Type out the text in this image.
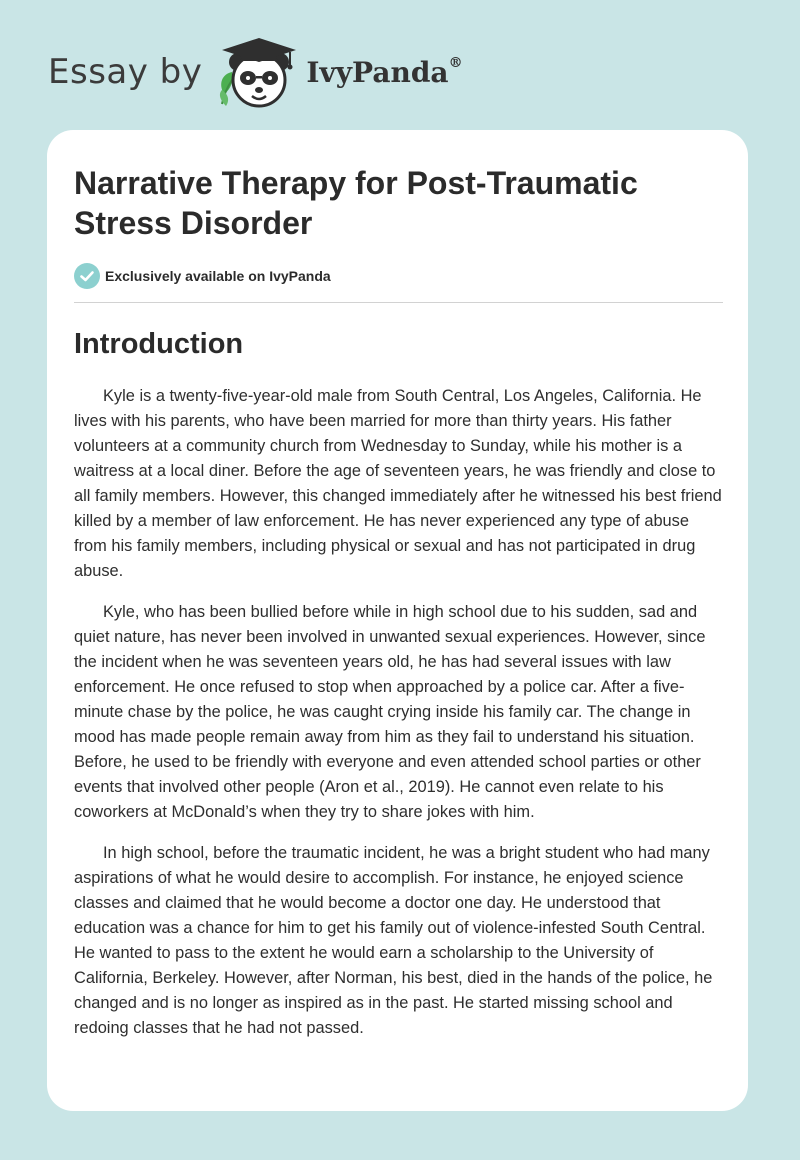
Essay by	IvyPanda®
Narrative Therapy for Post-Traumatic Stress Disorder
Exclusively available on IvyPanda
Introduction

Kyle is a twenty-five-year-old male from South Central, Los Angeles, California. He lives with his parents, who have been married for more than thirty years. His father volunteers at a community church from Wednesday to Sunday, while his mother is a waitress at a local diner. Before the age of seventeen years, he was friendly and close to all family members. However, this changed immediately after he witnessed his best friend killed by a member of law enforcement. He has never experienced any type of abuse from his family members, including physical or sexual and has not participated in drug abuse.

Kyle, who has been bullied before while in high school due to his sudden, sad and quiet nature, has never been involved in unwanted sexual experiences. However, since the incident when he was seventeen years old, he has had several issues with law enforcement. He once refused to stop when approached by a police car. After a five-minute chase by the police, he was caught crying inside his family car. The change in mood has made people remain away from him as they fail to understand his situation. Before, he used to be friendly with everyone and even attended school parties or other events that involved other people (Aron et al., 2019). He cannot even relate to his coworkers at McDonald’s when they try to share jokes with him.

In high school, before the traumatic incident, he was a bright student who had many aspirations of what he would desire to accomplish. For instance, he enjoyed science classes and claimed that he would become a doctor one day. He understood that education was a chance for him to get his family out of violence-infested South Central. He wanted to pass to the extent he would earn a scholarship to the University of California, Berkeley. However, after Norman, his best, died in the hands of the police, he changed and is no longer as inspired as in the past. He started missing school and redoing classes that he had not passed.
